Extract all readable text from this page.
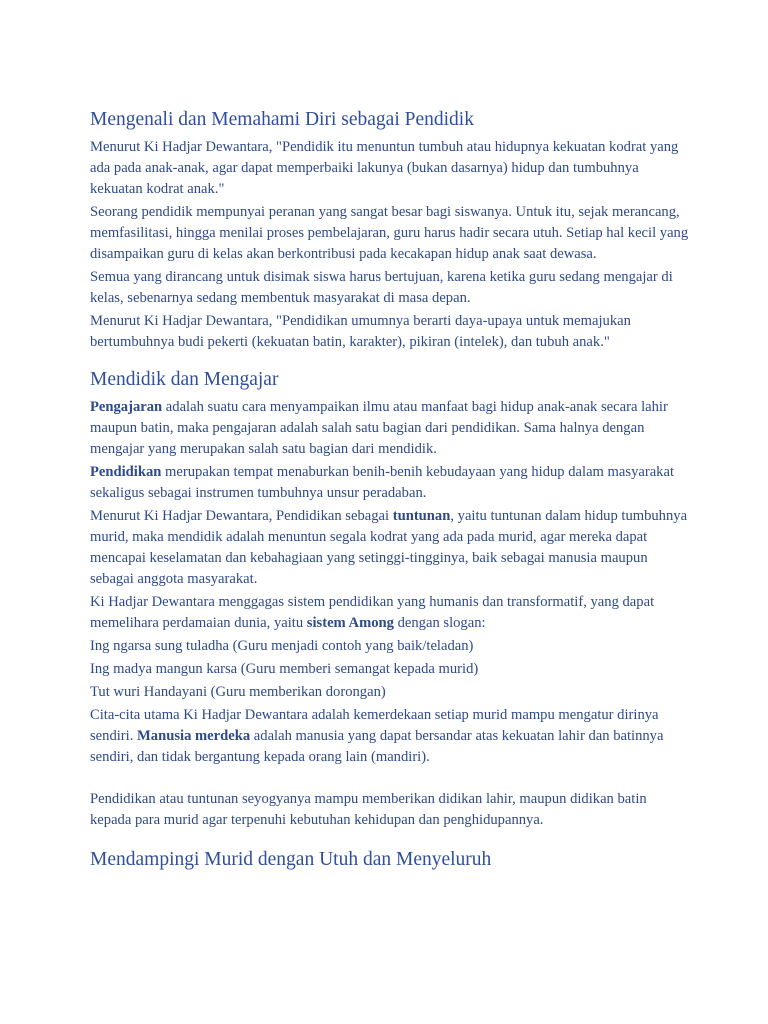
Mengenali dan Memahami Diri sebagai Pendidik

Menurut Ki Hadjar Dewantara, "Pendidik itu menuntun tumbuh atau hidupnya kekuatan kodrat yang ada pada anak-anak, agar dapat memperbaiki lakunya (bukan dasarnya) hidup dan tumbuhnya kekuatan kodrat anak."

Seorang pendidik mempunyai peranan yang sangat besar bagi siswanya. Untuk itu, sejak merancang, memfasilitasi, hingga menilai proses pembelajaran, guru harus hadir secara utuh. Setiap hal kecil yang disampaikan guru di kelas akan berkontribusi pada kecakapan hidup anak saat dewasa.

Semua yang dirancang untuk disimak siswa harus bertujuan, karena ketika guru sedang mengajar di kelas, sebenarnya sedang membentuk masyarakat di masa depan.

Menurut Ki Hadjar Dewantara, "Pendidikan umumnya berarti daya-upaya untuk memajukan bertumbuhnya budi pekerti (kekuatan batin, karakter), pikiran (intelek), dan tubuh anak."

Mendidik dan Mengajar

Pengajaran adalah suatu cara menyampaikan ilmu atau manfaat bagi hidup anak-anak secara lahir maupun batin, maka pengajaran adalah salah satu bagian dari pendidikan. Sama halnya dengan mengajar yang merupakan salah satu bagian dari mendidik.

Pendidikan merupakan tempat menaburkan benih-benih kebudayaan yang hidup dalam masyarakat sekaligus sebagai instrumen tumbuhnya unsur peradaban.

Menurut Ki Hadjar Dewantara, Pendidikan sebagai tuntunan, yaitu tuntunan dalam hidup tumbuhnya murid, maka mendidik adalah menuntun segala kodrat yang ada pada murid, agar mereka dapat mencapai keselamatan dan kebahagiaan yang setinggi-tingginya, baik sebagai manusia maupun sebagai anggota masyarakat.

Ki Hadjar Dewantara menggagas sistem pendidikan yang humanis dan transformatif, yang dapat memelihara perdamaian dunia, yaitu sistem Among dengan slogan:

Ing ngarsa sung tuladha (Guru menjadi contoh yang baik/teladan)

Ing madya mangun karsa (Guru memberi semangat kepada murid)

Tut wuri Handayani (Guru memberikan dorongan)

Cita-cita utama Ki Hadjar Dewantara adalah kemerdekaan setiap murid mampu mengatur dirinya sendiri. Manusia merdeka adalah manusia yang dapat bersandar atas kekuatan lahir dan batinnya sendiri, dan tidak bergantung kepada orang lain (mandiri).

Pendidikan atau tuntunan seyogyanya mampu memberikan didikan lahir, maupun didikan batin kepada para murid agar terpenuhi kebutuhan kehidupan dan penghidupannya.

Mendampingi Murid dengan Utuh dan Menyeluruh
